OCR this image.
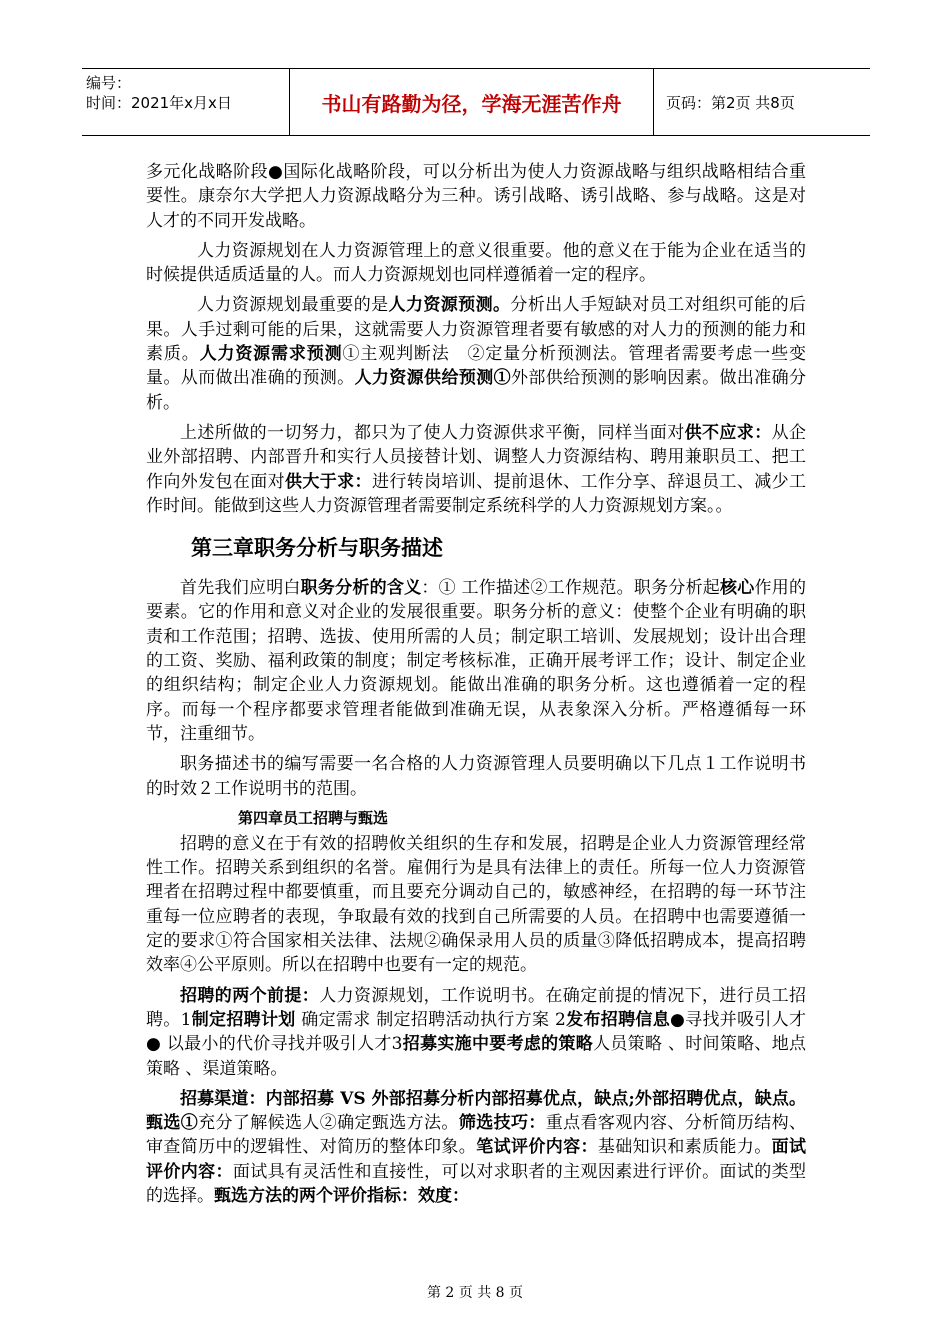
编号：
时间：2021年x月x日	书山有路勤为径，学海无涯苦作舟	页码：第2页 共8页

多元化战略阶段●国际化战略阶段，可以分析出为使人力资源战略与组织战略相结合重要性。康奈尔大学把人力资源战略分为三种。诱引战略、诱引战略、参与战略。这是对人才的不同开发战略。

人力资源规划在人力资源管理上的意义很重要。他的意义在于能为企业在适当的时候提供适质适量的人。而人力资源规划也同样遵循着一定的程序。

人力资源规划最重要的是人力资源预测。分析出人手短缺对员工对组织可能的后果。人手过剩可能的后果，这就需要人力资源管理者要有敏感的对人力的预测的能力和素质。人力资源需求预测①主观判断法　②定量分析预测法。管理者需要考虑一些变量。从而做出准确的预测。人力资源供给预测①外部供给预测的影响因素。做出准确分析。

上述所做的一切努力，都只为了使人力资源供求平衡，同样当面对供不应求：从企业外部招聘、内部晋升和实行人员接替计划、调整人力资源结构、聘用兼职员工、把工作向外发包在面对供大于求：进行转岗培训、提前退休、工作分享、辞退员工、减少工作时间。能做到这些人力资源管理者需要制定系统科学的人力资源规划方案。。

第三章职务分析与职务描述

首先我们应明白职务分析的含义：① 工作描述②工作规范。职务分析起核心作用的要素。它的作用和意义对企业的发展很重要。职务分析的意义：使整个企业有明确的职责和工作范围；招聘、选拔、使用所需的人员；制定职工培训、发展规划；设计出合理的工资、奖励、福利政策的制度；制定考核标准，正确开展考评工作；设计、制定企业的组织结构；制定企业人力资源规划。能做出准确的职务分析。这也遵循着一定的程序。而每一个程序都要求管理者能做到准确无误，从表象深入分析。严格遵循每一环节，注重细节。

职务描述书的编写需要一名合格的人力资源管理人员要明确以下几点１工作说明书的时效２工作说明书的范围。

第四章员工招聘与甄选

招聘的意义在于有效的招聘攸关组织的生存和发展，招聘是企业人力资源管理经常性工作。招聘关系到组织的名誉。雇佣行为是具有法律上的责任。所每一位人力资源管理者在招聘过程中都要慎重，而且要充分调动自己的，敏感神经，在招聘的每一环节注重每一位应聘者的表现，争取最有效的找到自己所需要的人员。在招聘中也需要遵循一定的要求①符合国家相关法律、法规②确保录用人员的质量③降低招聘成本，提高招聘效率④公平原则。所以在招聘中也要有一定的规范。

招聘的两个前提：人力资源规划，工作说明书。在确定前提的情况下，进行员工招聘。1制定招聘计划 确定需求 制定招聘活动执行方案 2发布招聘信息●寻找并吸引人才 ● 以最小的代价寻找并吸引人才3招募实施中要考虑的策略人员策略 、时间策略、地点策略 、渠道策略。

招募渠道：内部招募 VS 外部招募分析内部招募优点，缺点;外部招聘优点，缺点。甄选①充分了解候选人②确定甄选方法。筛选技巧：重点看客观内容、分析简历结构、审查简历中的逻辑性、对简历的整体印象。笔试评价内容：基础知识和素质能力。面试评价内容：面试具有灵活性和直接性，可以对求职者的主观因素进行评价。面试的类型的选择。甄选方法的两个评价指标：效度：

第 2 页 共 8 页
